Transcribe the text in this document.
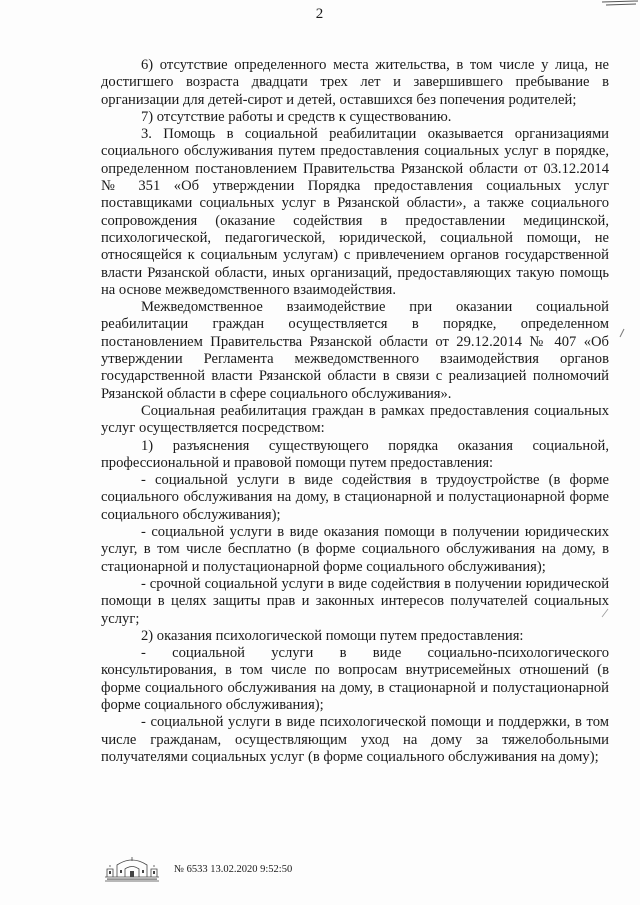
2

6) отсутствие определенного места жительства, в том числе у лица, не достигшего возраста двадцати трех лет и завершившего пребывание в организации для детей-сирот и детей, оставшихся без попечения родителей;

7) отсутствие работы и средств к существованию.

3. Помощь в социальной реабилитации оказывается организациями социального обслуживания путем предоставления социальных услуг в порядке, определенном постановлением Правительства Рязанской области от 03.12.2014 № 351 «Об утверждении Порядка предоставления социальных услуг поставщиками социальных услуг в Рязанской области», а также социального сопровождения (оказание содействия в предоставлении медицинской, психологической, педагогической, юридической, социальной помощи, не относящейся к социальным услугам) с привлечением органов государственной власти Рязанской области, иных организаций, предоставляющих такую помощь на основе межведомственного взаимодействия.

Межведомственное взаимодействие при оказании социальной реабилитации граждан осуществляется в порядке, определенном постановлением Правительства Рязанской области от 29.12.2014 № 407 «Об утверждении Регламента межведомственного взаимодействия органов государственной власти Рязанской области в связи с реализацией полномочий Рязанской области в сфере социального обслуживания».

Социальная реабилитация граждан в рамках предоставления социальных услуг осуществляется посредством:

1) разъяснения существующего порядка оказания социальной, профессиональной и правовой помощи путем предоставления:

- социальной услуги в виде содействия в трудоустройстве (в форме социального обслуживания на дому, в стационарной и полустационарной форме социального обслуживания);

- социальной услуги в виде оказания помощи в получении юридических услуг, в том числе бесплатно (в форме социального обслуживания на дому, в стационарной и полустационарной форме социального обслуживания);

- срочной социальной услуги в виде содействия в получении юридической помощи в целях защиты прав и законных интересов получателей социальных услуг;

2) оказания психологической помощи путем предоставления:

- социальной услуги в виде социально-психологического консультирования, в том числе по вопросам внутрисемейных отношений (в форме социального обслуживания на дому, в стационарной и полустационарной форме социального обслуживания);

- социальной услуги в виде психологической помощи и поддержки, в том числе гражданам, осуществляющим уход на дому за тяжелобольными получателями социальных услуг (в форме социального обслуживания на дому);

№ 6533 13.02.2020 9:52:50
